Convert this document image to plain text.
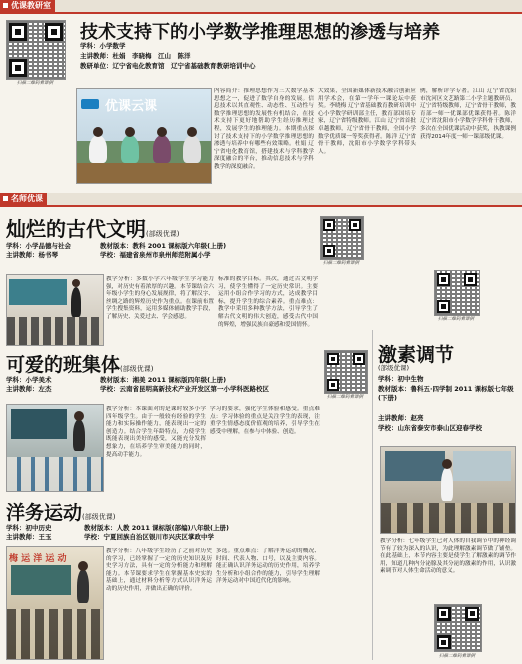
优课教研室
扫描二维码看课例
技术支持下的小学数学推理思想的渗透与培养
学科：小学数学
主讲教师：杜娟　李晓梅　江山　陈洋
教研单位：辽宁省电化教育馆　辽宁省基础教育教研培训中心
优课云课
内容简介：推理思想作为三大数学基本思想之一，促进了数学自身的发展。信息技术以其直观性、动态性、互动性与数学推理思想的发展性有机结合，在技术支持下更好地帮助学生经历推理过程，发展学生的推理能力。本期重点探讨了技术支持下的小学数学推理思想的渗透与培养中有哪些有效策略。杜娟 辽宁省电化教育馆，搭建技术与学科教学深度融合的平台，推动信息技术与学科教学的深度融合。
大效果，全国新媒体新技术融合创新应用学术会，在第一学年一课论坛中获奖。李晓梅 辽宁省基础教育教研培训中心小学数学研训部主任，教育部国培专家，辽宁省特级教师。江山 辽宁省首批卓越教师，辽宁省骨干教师，全国小学数学优质课一等奖获得者。陈洋 辽宁省骨干教师，沈阳市小学数学学科带头人。
例，解析评学专著。江山 辽宁省沈阳市沈河区文艺路第二小学主题教研员，辽宁省特级教师，辽宁省骨干教师，教育部一师一优课部优课获得者。陈洋 辽宁省沈阳市小学数学学科骨干教师，多次在全国优课活动中获奖，执教课例获得2014年度一师一课部级优课。
名师优课
灿烂的古代文明(部级优课)
学科：小学品德与社会	教材版本：教科 2001 课标版六年级(上册)
主讲教师：杨书琴	学校：福建省泉州市泉州师范附属小学
扫描二维码看课例
教学分析：多数小学六年级学生学习能力强，对历史有着浓厚的兴趣。本节课结合六年级小学生的身心发展规律，将了解汉字、丝绸之路的辉煌历史作为重点。在课前布置学生搜集资料，运用多媒体辅助教学手段，了解历史、关爱过去、学会感恩。
标准的教学目标。其次，通过古文明学习，使学生懂得了一定历史常识。主要运用小组合作学习的方式，达成教学目标，提升学生的综合素养。重点难点：教学中采用多种教学方法，引导学生了解古代文明的伟大创造，感受古代中国的辉煌，增强民族自豪感和爱国情怀。
扫描二维码看课例
激素调节
(部级优课)
学科：初中生物
教材版本：鲁科五·四学制 2011 课标版七年级(下册)
主讲教师：赵亮
学校：山东省泰安市泰山区迎春学校
教学分析：七年级学生已对人体的自我调节中的神经调节有了较为深入的认识，为此理解激素调节做了铺垫。在此基础上，本节内容主要是使学生了解激素的调节作用，知道几种内分泌腺及其分泌的激素的作用，认识激素调节对人体生命活动的意义。
扫描二维码看课例
可爱的班集体(部级优课)
学科：小学美术	教材版本：湘美 2011 课标版四年级(上册)
主讲教师：左杰	学校：云南省昆明高新技术产业开发区第一小学科医路校区
扫描二维码看课例
教学分析：本课面对的是课时较多小学四年级学生。由于一般较有经验的学生能力和实际操作能力，能表现出一定的创造力。结合学生年龄特点，力使学生既能表现出美好的感受，又能充分发挥想象力，在培养学生审美能力的同时，提高动手能力。
学习的要求，强化学生体验和感受。重点难点：学习体验的重点是关注学生的表现，注重学生情感态度价值观的培养，引导学生在感受中理解，在参与中体验、创造。
洋务运动(部级优课)
学科：初中历史	教材版本：人教 2011 课标版(部编)八年级(上册)
主讲教师：王玉	学校：宁夏回族自治区银川市兴庆区掌政中学
梅 运 洋 运 动
教学分析：八年级学生经历了之前对历史的学习，已经掌握了一定的历史知识及历史学习方法，具有一定的分析能力和理解能力。本节课要求学生在掌握基本史实的基础上，通过材料分析等方式认识洋务运动的历史作用，并做出正确的评价。
多选。重点难点：了解洋务运动的概况、时间、代表人物、口号，以及主要内容。能正确认识洋务运动的历史作用，培养学生分析和小组合作的能力，引导学生理解洋务运动对中国近代化的影响。
